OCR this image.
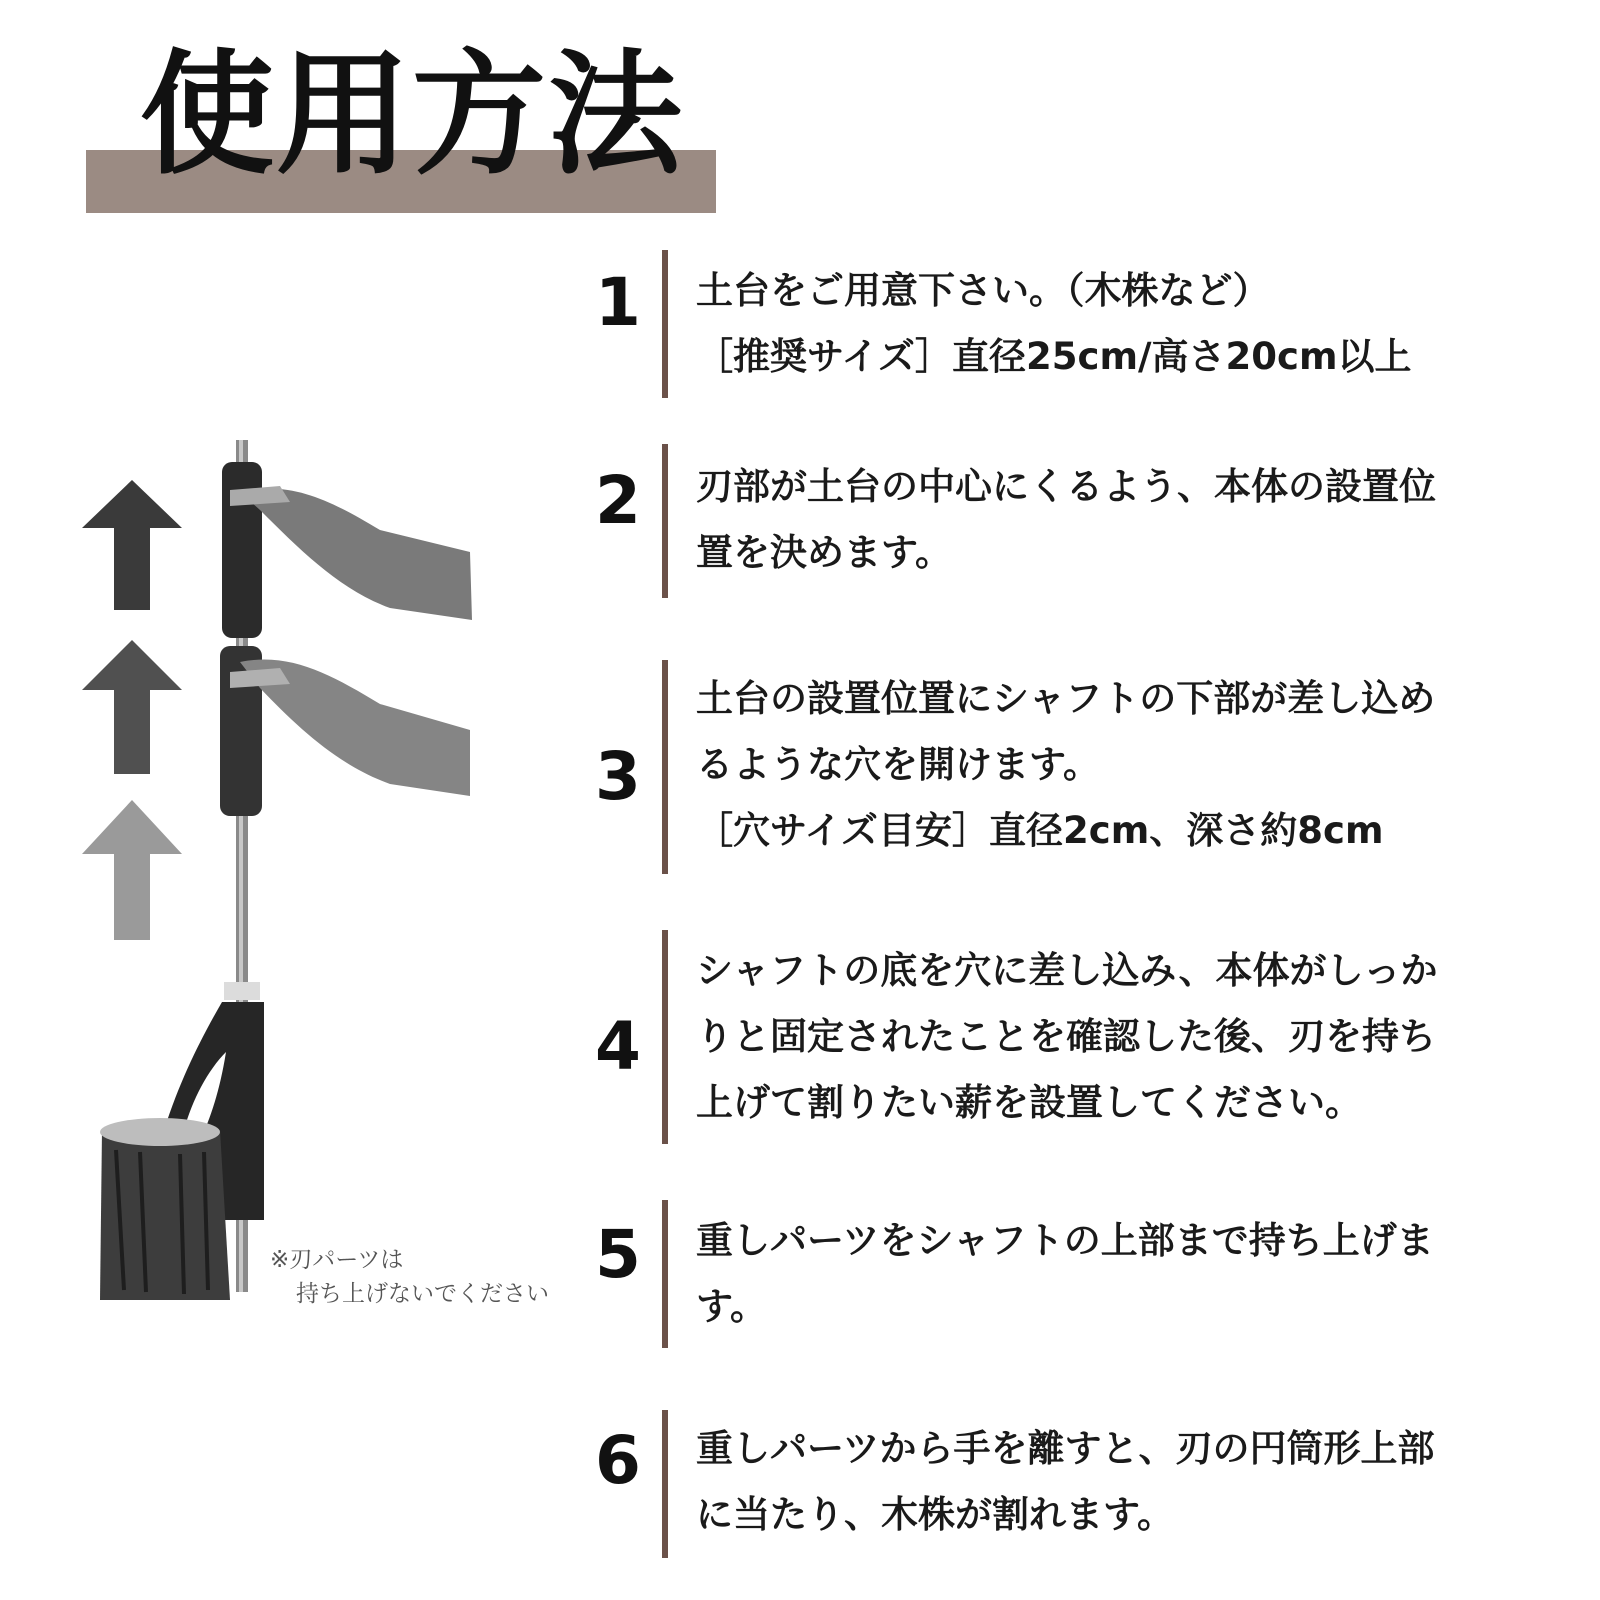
使用方法
※刃パーツは
持ち上げないでください
1 土台をご用意下さい。（木株など）
［推奨サイズ］直径25cm/高さ20cm以上
2 刃部が土台の中心にくるよう、本体の設置位
置を決めます。
3
土台の設置位置にシャフトの下部が差し込め
るような穴を開けます。
［穴サイズ目安］直径2cm、深さ約8cm
4
シャフトの底を穴に差し込み、本体がしっか
りと固定されたことを確認した後、刃を持ち
上げて割りたい薪を設置してください。
5 重しパーツをシャフトの上部まで持ち上げま
す。
6 重しパーツから手を離すと、刃の円筒形上部
に当たり、木株が割れます。
